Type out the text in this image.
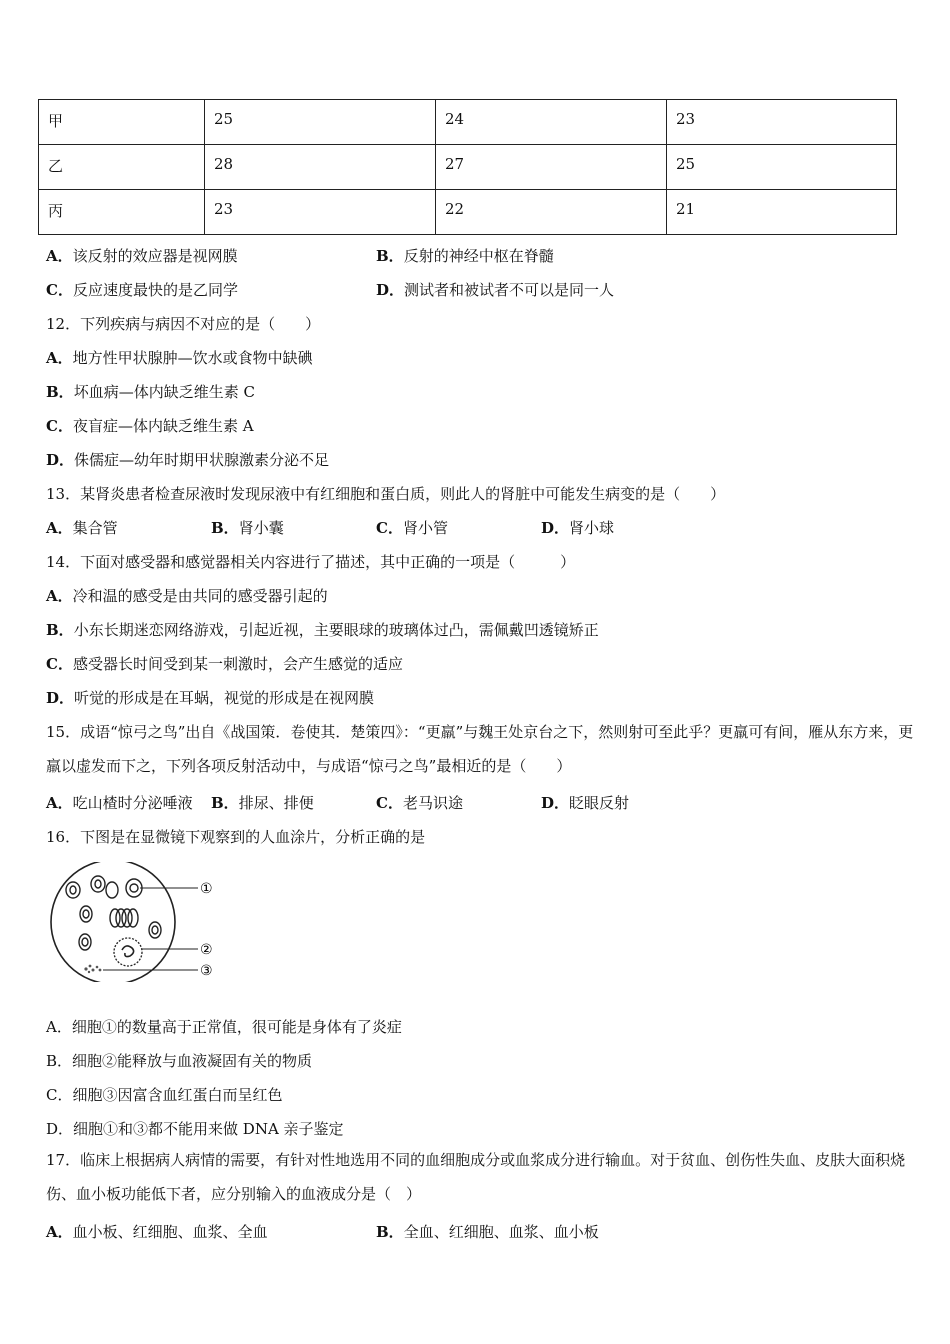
甲	25	24	23
乙	28	27	25
丙	23	22	21
A．该反射的效应器是视网膜	B．反射的神经中枢在脊髓
C．反应速度最快的是乙同学	D．测试者和被试者不可以是同一人
12．下列疾病与病因不对应的是（　　）
A．地方性甲状腺肿—饮水或食物中缺碘
B．坏血病—体内缺乏维生素 C
C．夜盲症—体内缺乏维生素 A
D．侏儒症—幼年时期甲状腺激素分泌不足
13．某肾炎患者检查尿液时发现尿液中有红细胞和蛋白质，则此人的肾脏中可能发生病变的是（　　）
A．集合管	B．肾小囊	C．肾小管	D．肾小球
14．下面对感受器和感觉器相关内容进行了描述，其中正确的一项是（　　　）
A．冷和温的感受是由共同的感受器引起的
B．小东长期迷恋网络游戏，引起近视，主要眼球的玻璃体过凸，需佩戴凹透镜矫正
C．感受器长时间受到某一刺激时，会产生感觉的适应
D．听觉的形成是在耳蜗，视觉的形成是在视网膜
15．成语“惊弓之鸟”出自《战国策．卷使其．楚策四》：“更羸”与魏王处京台之下，然则射可至此乎？更羸可有间，雁从东方来，更羸以虚发而下之，下列各项反射活动中，与成语“惊弓之鸟”最相近的是（　　）
A．吃山楂时分泌唾液 B．排尿、排便	C．老马识途	D．眨眼反射
16．下图是在显微镜下观察到的人血涂片，分析正确的是
①
②
③
A．细胞①的数量高于正常值，很可能是身体有了炎症
B．细胞②能释放与血液凝固有关的物质
C．细胞③因富含血红蛋白而呈红色
D．细胞①和③都不能用来做 DNA 亲子鉴定
17．临床上根据病人病情的需要，有针对性地选用不同的血细胞成分或血浆成分进行输血。对于贫血、创伤性失血、皮肤大面积烧伤、血小板功能低下者，应分别输入的血液成分是（　）
A．血小板、红细胞、血浆、全血	B．全血、红细胞、血浆、血小板
